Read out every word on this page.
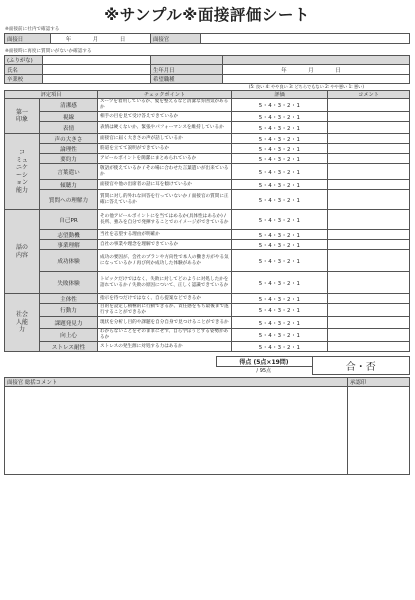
※サンプル※面接評価シート
※面接前に社内で確認する
面接日	年 月 日	面接官	
※面接時に再度に質問いがないか確認する
(ふりがな)			
氏名		生年月日	年 月 日
卒業校		希望職種	
(5: 良い 4: やや良い 3: どちらでもない 2: やや悪い 1: 悪い)
評定項目		チェックポイント	評価	コメント
第一印象	清潔感	スーツを着用しているか、髪を整えるなど清潔な雰囲気があるか	5・4・3・2・1	
	視線	相手の目を見て受け答えできているか	5・4・3・2・1	
	表情	表情は硬くないか、緊張やパフォーマンスを維持しているか	5・4・3・2・1	
コミュニケーション能力	声の大きさ	面接官に届く大きさの声が話しているか	5・4・3・2・1	
	論理性	筋道を立てて説明ができているか	5・4・3・2・1	
	要約力	アピールポイントを簡潔にまとめられているか	5・4・3・2・1	
	言葉遣い	敬語が使えているか / その場に合わせた言葉遣いが出来ているか	5・4・3・2・1	
	傾聴力	面接官や他の出席者の話に耳を傾けているか	5・4・3・2・1	
	質問への理解力	質問に対し的外れな回答を行っていないか / 面接官の質問に正確に答えているか	5・4・3・2・1	
話の内容	自己PR	その他アピールポイントにを当てはめるか(具体性はあるか) / 長所、強みを自分で発揮することでのイメージができているか	5・4・3・2・1	
	志望動機	当社を志望する理由が明確か	5・4・3・2・1	
	事業理解	自社の事業や理念を理解できているか	5・4・3・2・1	
	成功体験	成功の要因が、会社のプランや方向性で本人の働き方がやる気になっているか / 再び何か成功した体験があるか	5・4・3・2・1	
	失敗体験	トピックだけではなく、失敗に対してどのように対処したかを語れているか / 失敗の原因について、正しく認識できているか	5・4・3・2・1	
社会人能力	主体性	指示を待つだけではなく、自ら提案などできるか	5・4・3・2・1	
	行動力	目的を設定し積極的に行動できるか、責任感をもち最後まで遂行することができるか	5・4・3・2・1	
	課題発見力	現状を分析し目的や課題を自分自身で見つけることができるか	5・4・3・2・1	
	向上心	わからないことをそのままにせず、自ら学ぼうとする姿勢があるか	5・4・3・2・1	
	ストレス耐性	ストレスの発生源に対処する力はあるか	5・4・3・2・1	
	得点 (5点×19問)	合・否
	/ 95点	
面接官 総括コメント	承認印
